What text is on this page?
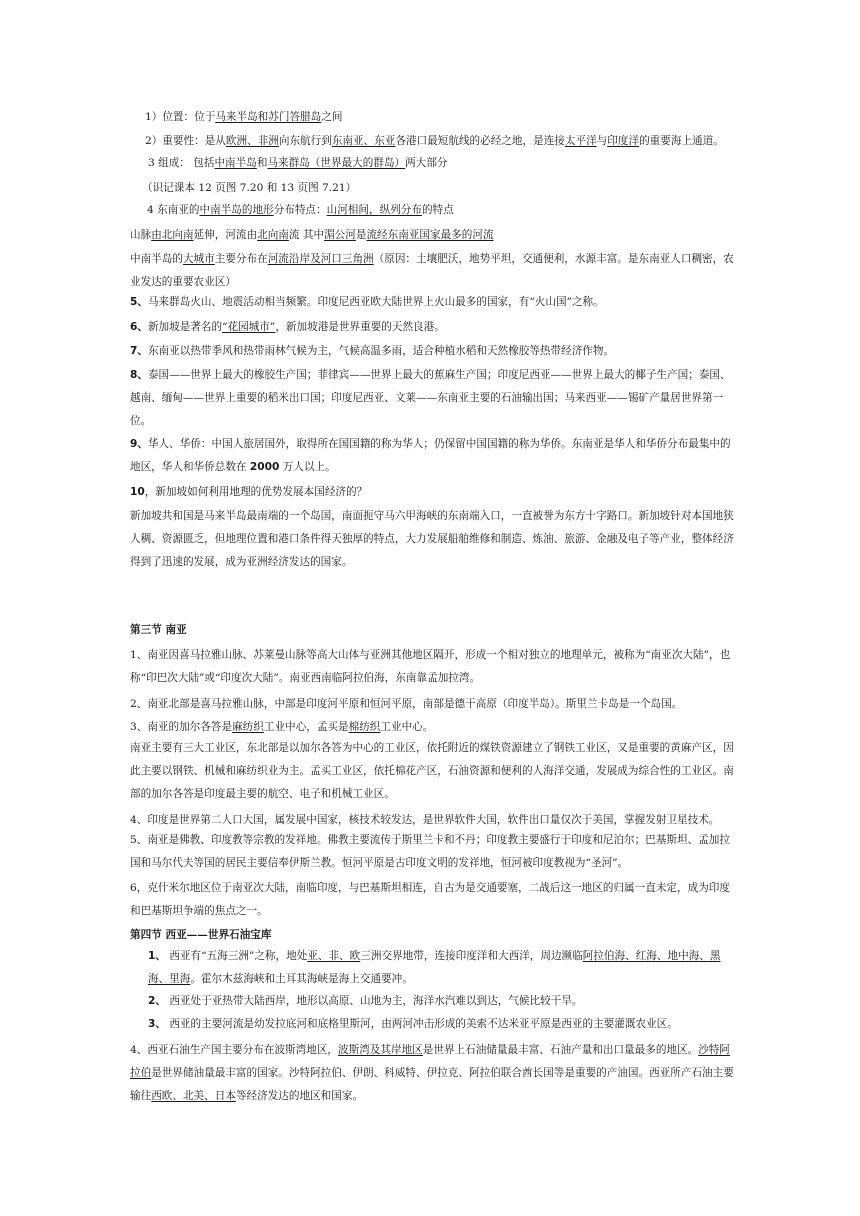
1）位置：位于马来半岛和苏门答腊岛之间
2）重要性：是从欧洲、非洲向东航行到东南亚、东亚各港口最短航线的必经之地，是连接太平洋与印度洋的重要海上通道。
3 组成： 包括中南半岛和马来群岛（世界最大的群岛）两大部分
（识记课本 12 页图 7.20 和 13 页图 7.21）
4 东南亚的中南半岛的地形分布特点：山河相间，纵列分布的特点
山脉由北向南延伸，河流由北向南流 其中湄公河是流经东南亚国家最多的河流
中南半岛的大城市主要分布在河流沿岸及河口三角洲（原因：土壤肥沃，地势平坦，交通便利，水源丰富。是东南亚人口稠密，农业发达的重要农业区）
5、马来群岛火山、地震活动相当频繁。印度尼西亚欧大陆世界上火山最多的国家，有“火山国”之称。
6、新加坡是著名的“花园城市”，新加坡港是世界重要的天然良港。
7、东南亚以热带季风和热带雨林气候为主，气候高温多雨，适合种植水稻和天然橡胶等热带经济作物。
8、泰国——世界上最大的橡胶生产国；菲律宾——世界上最大的蕉麻生产国；印度尼西亚——世界上最大的椰子生产国；泰国、越南、缅甸——世界上重要的稻米出口国；印度尼西亚、文莱——东南亚主要的石油输出国；马来西亚——锡矿产量居世界第一位。
9、华人、华侨：中国人旅居国外，取得所在国国籍的称为华人；仍保留中国国籍的称为华侨。东南亚是华人和华侨分布最集中的地区，华人和华侨总数在 2000 万人以上。
10，新加坡如何利用地理的优势发展本国经济的？
新加坡共和国是马来半岛最南端的一个岛国，南面扼守马六甲海峡的东南端入口，一直被誉为东方十字路口。新加坡针对本国地狭人稠、资源匮乏，但地理位置和港口条件得天独厚的特点，大力发展船舶维修和制造、炼油、旅游、金融及电子等产业，整体经济得到了迅速的发展，成为亚洲经济发达的国家。
第三节 南亚
1、南亚因喜马拉雅山脉、苏莱曼山脉等高大山体与亚洲其他地区隔开，形成一个相对独立的地理单元，被称为“南亚次大陆”，也称“印巴次大陆”或“印度次大陆”。南亚西南临阿拉伯海，东南靠孟加拉湾。
2、南亚北部是喜马拉雅山脉，中部是印度河平原和恒河平原，南部是德干高原（印度半岛）。斯里兰卡岛是一个岛国。
3、南亚的加尔各答是麻纺织工业中心，孟买是棉纺织工业中心。
南亚主要有三大工业区，东北部是以加尔各答为中心的工业区，依托附近的煤铁资源建立了钢铁工业区，又是重要的黄麻产区，因此主要以钢铁、机械和麻纺织业为主。孟买工业区，依托棉花产区，石油资源和便利的人海洋交通，发展成为综合性的工业区。南部的加尔各答是印度最主要的航空、电子和机械工业区。
4、印度是世界第二人口大国，属发展中国家，核技术较发达，是世界软件大国，软件出口量仅次于美国，掌握发射卫星技术。
5、南亚是佛教、印度教等宗教的发祥地。佛教主要流传于斯里兰卡和不丹；印度教主要盛行于印度和尼泊尔；巴基斯坦、孟加拉国和马尔代夫等国的居民主要信奉伊斯兰教。恒河平原是古印度文明的发祥地，恒河被印度教视为“圣河”。
6，克什米尔地区位于南亚次大陆，南临印度，与巴基斯坦相连，自古为是交通要塞，二战后这一地区的归属一直未定，成为印度和巴基斯坦争端的焦点之一。
第四节 西亚——世界石油宝库
1、 西亚有“五海三洲”之称，地处亚、非、欧三洲交界地带，连接印度洋和大西洋，周边濒临阿拉伯海、红海、地中海、黑海、里海。霍尔木兹海峡和土耳其海峡是海上交通要冲。
2、 西亚处于亚热带大陆西岸，地形以高原、山地为主，海洋水汽难以到达，气候比较干旱。
3、 西亚的主要河流是幼发拉底河和底格里斯河，由两河冲击形成的美索不达米亚平原是西亚的主要灌溉农业区。
4、西亚石油生产国主要分布在波斯湾地区，波斯湾及其岸地区是世界上石油储量最丰富、石油产量和出口量最多的地区。沙特阿拉伯是世界储油量最丰富的国家。沙特阿拉伯、伊朗、科威特、伊拉克、阿拉伯联合酋长国等是重要的产油国。西亚所产石油主要输往西欧、北美、日本等经济发达的地区和国家。
